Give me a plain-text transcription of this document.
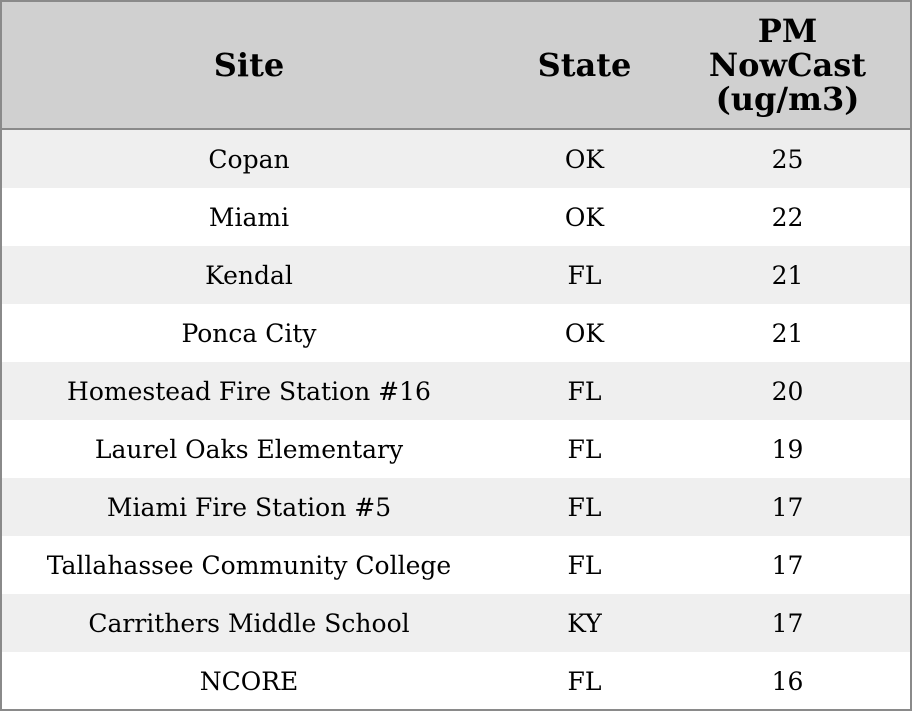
Site	State	PM
NowCast
(ug/m3)

Copan	OK	25
Miami	OK	22
Kendal	FL	21
Ponca City	OK	21
Homestead Fire Station #16	FL	20
Laurel Oaks Elementary	FL	19
Miami Fire Station #5	FL	17
Tallahassee Community College	FL	17
Carrithers Middle School	KY	17
NCORE	FL	16
